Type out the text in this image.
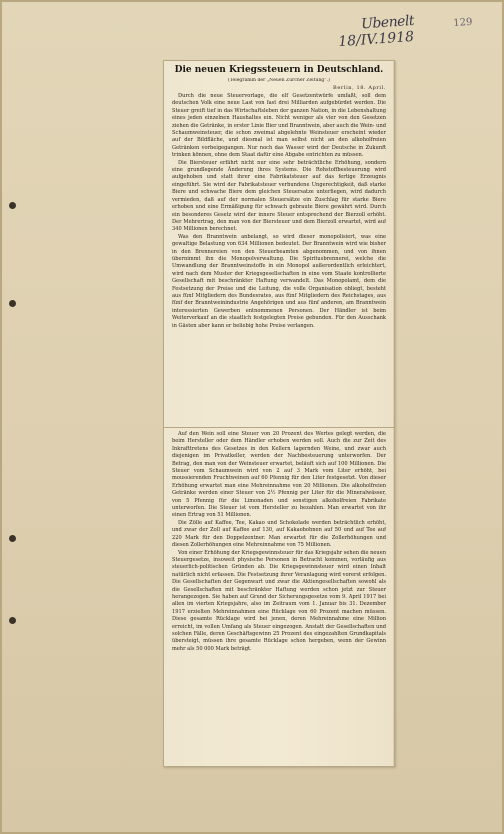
Ubenelt
18/IV.1918
129
Die neuen Kriegssteuern in Deutschland.
(Telegramm der „Neuen Zürcher Zeitung“.)
Berlin, 18. April.

Durch die neue Steuervorlage, die elf Gesetzentwürfe umfaßt, soll dem deutschen Volk eine neue Last von fast drei Milliarden aufgebürdet werden. Die Steuer greift tief in das Wirtschaftsleben der ganzen Nation, in die Lebenshaltung eines jeden einzelnen Haushaltes ein. Nicht weniger als vier von den Gesetzen ziehen die Getränke, in erster Linie Bier und Branntwein, aber auch die Wein- und Schaumweinsteuer, die schon zweimal abgelehnte Weinsteuer erscheint wieder auf der Bildfläche, und diesmal ist man selbst nicht an den alkoholfreien Getränken vorbeigegangen. Nur noch das Wasser wird der Deutsche in Zukunft trinken können, ohne dem Staat dafür eine Abgabe entrichten zu müssen.

Die Biersteuer erfährt nicht nur eine sehr beträchtliche Erhöhung, sondern eine grundlegende Änderung ihres Systems. Die Rohstoffbesteuerung wird aufgehoben und statt ihrer eine Fabrikatsteuer auf das fertige Erzeugnis eingeführt. Sie wird der Fabrikatsteuer verbundene Ungerechtigkeit, daß starke Biere und schwache Biere dem gleichen Steuersatze unterliegen, wird dadurch vermieden, daß auf der normalen Steuersätze ein Zuschlag für starke Biere erhoben und eine Ermäßigung für schwach gebraute Biere gewährt wird. Durch ein besonderes Gesetz wird der innere Steuer entsprechend der Bierzoll erhöht. Der Mehrertrag, den man von der Biersteuer und dem Bierzoll erwartet, wird auf 340 Millionen berechnet.

Was den Branntwein anbelangt, so wird dieser monopolisiert, was eine gewaltige Belastung von 634 Millionen bedeutet. Der Branntwein wird wie bisher in den Brennereien von den Steuerbeamten abgenommen, und von ihnen übernimmt ihn die Monopolverwaltung. Die Spiritusbrennerei, welche die Umwandlung der Branntweinstoffe in ein Monopol außerordentlich erleichtert, wird nach dem Muster der Kriegsgesellschaften in eine vom Staate kontrollierte Gesellschaft mit beschränkter Haftung verwandelt. Das Monopolamt, dem die Festsetzung der Preise und die Leitung, die volle Organisation obliegt, besteht aus fünf Mitgliedern des Bundesrates, aus fünf Mitgliedern des Reichstages, aus fünf der Branntweinindustrie Angehörigen und aus fünf anderen, am Branntwein interessierten Gewerben entnommenen Personen. Der Händler ist beim Weiterverkauf an die staatlich festgelegten Preise gebunden. Für den Ausschank in Gästen aber kann er beliebig hohe Preise verlangen.

Auf den Wein soll eine Steuer von 20 Prozent des Wertes gelegt werden, die beim Hersteller oder dem Händler erhoben werden soll. Auch die zur Zeit des Inkrafttretens des Gesetzes in den Kellern lagernden Weine, und zwar auch diejenigen im Privatkeller, werden der Nachbesteuerung unterworfen. Der Betrag, den man von der Weinsteuer erwartet, beläuft sich auf 100 Millionen. Die Steuer vom Schaumwein wird von 2 auf 3 Mark vom Liter erhöht, bei moussierenden Fruchtweinen auf 60 Pfennig für den Liter festgesetzt. Von dieser Erhöhung erwartet man eine Mehreinnahme von 20 Millionen. Die alkoholfreien Getränke werden einer Steuer von 2½ Pfennig per Liter für die Mineralwässer, von 5 Pfennig für die Limonaden und sonstigen alkoholfreien Fabrikate unterworfen. Die Steuer ist vom Hersteller zu bezahlen. Man erwartet von ihr einen Ertrag von 51 Millionen.

Die Zölle auf Kaffee, Tee, Kakao und Schokolade werden beträchtlich erhöht, und zwar der Zoll auf Kaffee auf 130, auf Kakaobohnen auf 50 und auf Tee auf 220 Mark für den Doppelzentner. Man erwartet für die Zollerhöhungen und diesen Zollerhöhungen eine Mehreinnahme von 75 Millionen.

Von einer Erhöhung der Kriegsgewinnsteuer für das Kriegsjahr sehen die neuen Steuergesetze, insoweit physische Personen in Betracht kommen, vorläufig aus steuerlich-politischen Gründen ab. Die Kriegsgewinnsteuer wird einen Inhalt natürlich nicht erfassen. Die Festsetzung ihrer Veranlagung wird vorerst erfolgen. Die Gesellschaften der Gegenwart und zwar die Aktiengesellschaften sowohl als die Gesellschaften mit beschränkter Haftung werden schon jetzt zur Steuer herangezogen. Sie haben auf Grund der Sicherungsgesetze vom 9. April 1917 bei allen im vierten Kriegsjahre, also im Zeitraum vom 1. Januar bis 31. Dezember 1917 erzielten Mehreinnahmen eine Rücklage von 60 Prozent machen müssen. Diese gesamte Rücklage wird bei jenen, deren Mehreinnahme eine Million erreicht, im vollen Umfang als Steuer eingezogen. Anstatt der Gesellschaften und solchen Fälle, deren Geschäftsgewinn 25 Prozent des eingezahlten Grundkapitals übersteigt, müssen ihre gesamte Rücklage schon hergeben, wenn der Gewinn mehr als 50 000 Mark beträgt.
